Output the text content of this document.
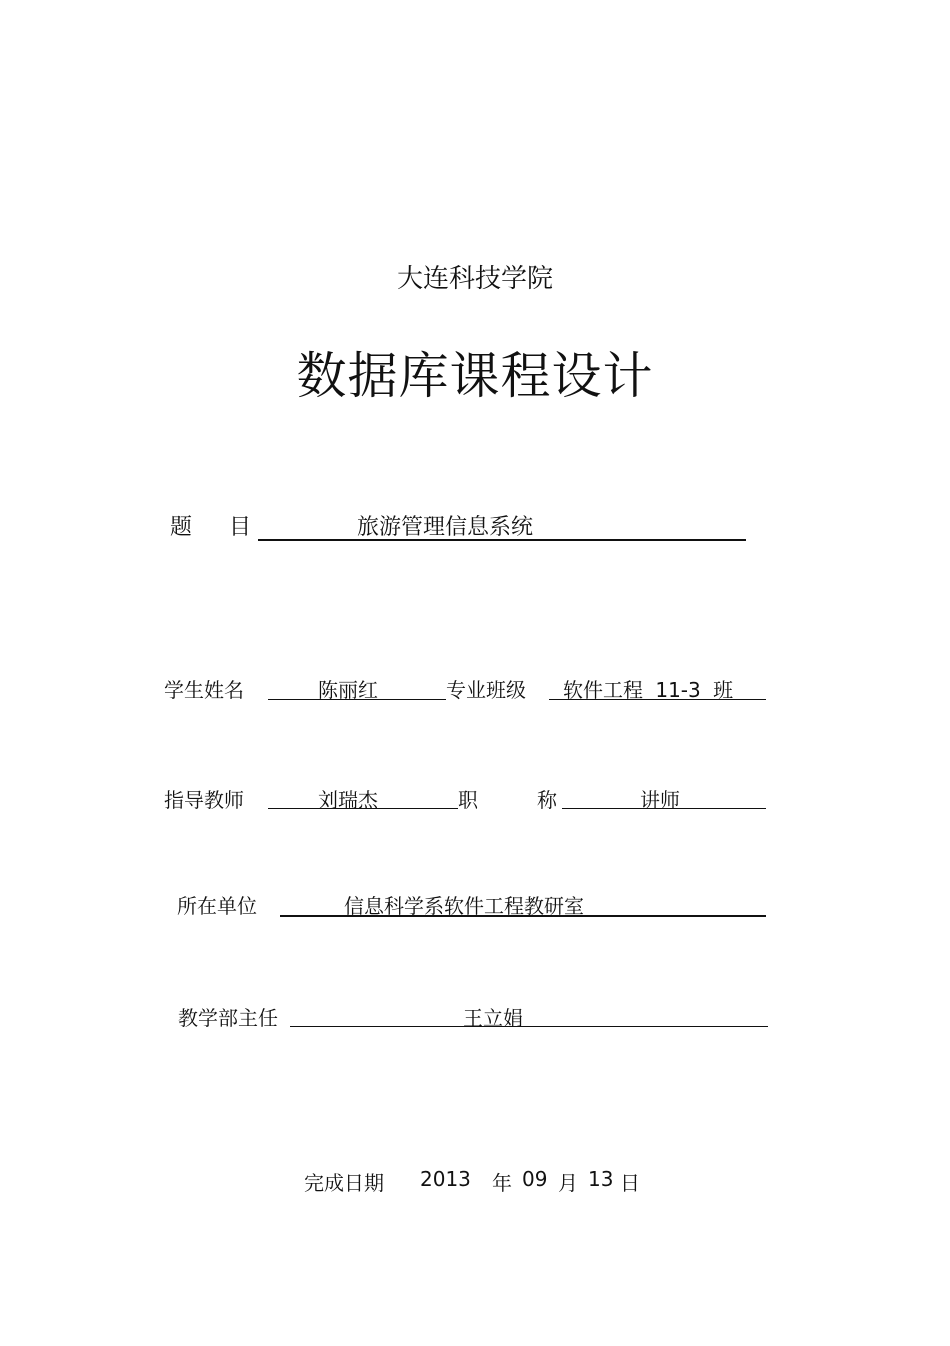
大连科技学院
数据库课程设计
题 目	旅游管理信息系统
学生姓名	陈丽红	专业班级 软件工程 11-3 班
指导教师	刘瑞杰	职	称	讲师
所在单位	信息科学系软件工程教研室
教学部主任	王立娟
完成日期 2013 年 09 月 13 日
